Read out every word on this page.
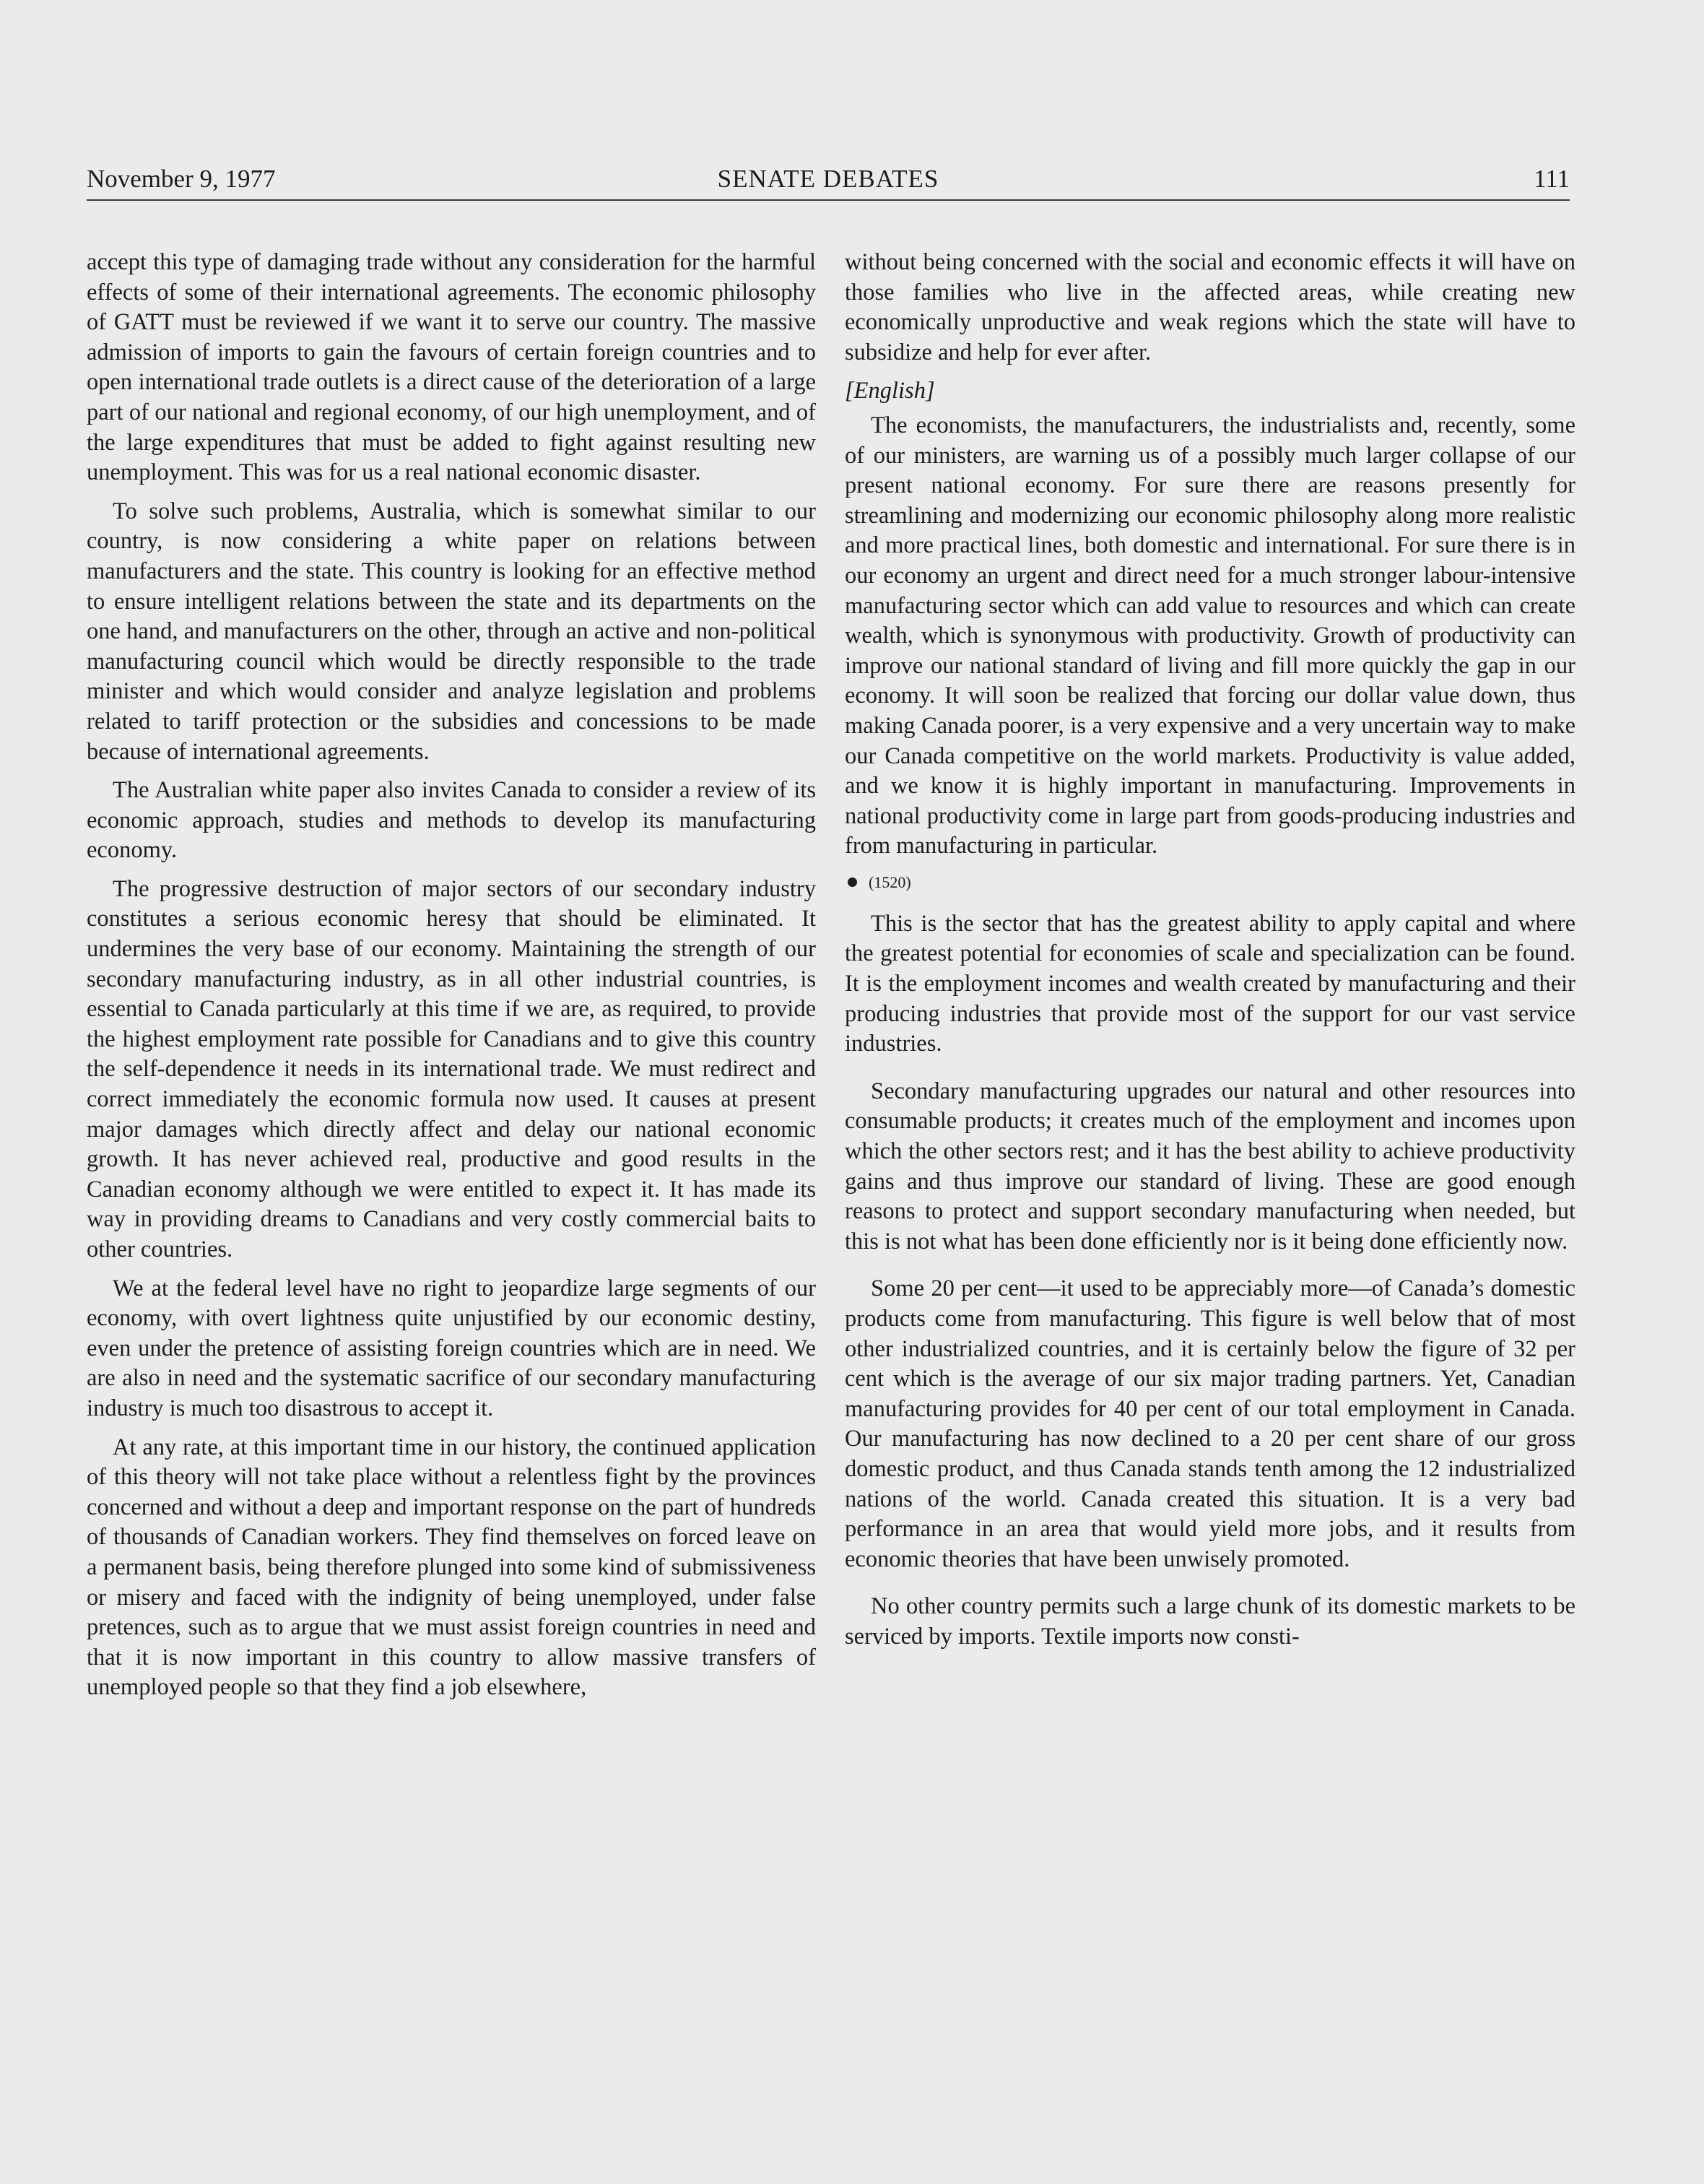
November 9, 1977	SENATE DEBATES	111

accept this type of damaging trade without any consideration for the harmful effects of some of their international agreements. The economic philosophy of GATT must be reviewed if we want it to serve our country. The massive admission of imports to gain the favours of certain foreign countries and to open international trade outlets is a direct cause of the deterioration of a large part of our national and regional economy, of our high unemployment, and of the large expenditures that must be added to fight against resulting new unemployment. This was for us a real national economic disaster.

To solve such problems, Australia, which is somewhat similar to our country, is now considering a white paper on relations between manufacturers and the state. This country is looking for an effective method to ensure intelligent relations between the state and its departments on the one hand, and manufacturers on the other, through an active and non-political manufacturing council which would be directly responsible to the trade minister and which would consider and analyze legislation and problems related to tariff protection or the subsidies and concessions to be made because of international agreements.

The Australian white paper also invites Canada to consider a review of its economic approach, studies and methods to develop its manufacturing economy.

The progressive destruction of major sectors of our secondary industry constitutes a serious economic heresy that should be eliminated. It undermines the very base of our economy. Maintaining the strength of our secondary manufacturing industry, as in all other industrial countries, is essential to Canada particularly at this time if we are, as required, to provide the highest employment rate possible for Canadians and to give this country the self-dependence it needs in its international trade. We must redirect and correct immediately the economic formula now used. It causes at present major damages which directly affect and delay our national economic growth. It has never achieved real, productive and good results in the Canadian economy although we were entitled to expect it. It has made its way in providing dreams to Canadians and very costly commercial baits to other countries.

We at the federal level have no right to jeopardize large segments of our economy, with overt lightness quite unjustified by our economic destiny, even under the pretence of assisting foreign countries which are in need. We are also in need and the systematic sacrifice of our secondary manufacturing industry is much too disastrous to accept it.

At any rate, at this important time in our history, the continued application of this theory will not take place without a relentless fight by the provinces concerned and without a deep and important response on the part of hundreds of thousands of Canadian workers. They find themselves on forced leave on a permanent basis, being therefore plunged into some kind of submissiveness or misery and faced with the indignity of being unemployed, under false pretences, such as to argue that we must assist foreign countries in need and that it is now important in this country to allow massive transfers of unemployed people so that they find a job elsewhere,

without being concerned with the social and economic effects it will have on those families who live in the affected areas, while creating new economically unproductive and weak regions which the state will have to subsidize and help for ever after.

[English]

The economists, the manufacturers, the industrialists and, recently, some of our ministers, are warning us of a possibly much larger collapse of our present national economy. For sure there are reasons presently for streamlining and modernizing our economic philosophy along more realistic and more practical lines, both domestic and international. For sure there is in our economy an urgent and direct need for a much stronger labour-intensive manufacturing sector which can add value to resources and which can create wealth, which is synonymous with productivity. Growth of productivity can improve our national standard of living and fill more quickly the gap in our economy. It will soon be realized that forcing our dollar value down, thus making Canada poorer, is a very expensive and a very uncertain way to make our Canada competitive on the world markets. Productivity is value added, and we know it is highly important in manufacturing. Improvements in national productivity come in large part from goods-producing industries and from manufacturing in particular.

(1520)

This is the sector that has the greatest ability to apply capital and where the greatest potential for economies of scale and specialization can be found. It is the employment incomes and wealth created by manufacturing and their producing industries that provide most of the support for our vast service industries.

Secondary manufacturing upgrades our natural and other resources into consumable products; it creates much of the employment and incomes upon which the other sectors rest; and it has the best ability to achieve productivity gains and thus improve our standard of living. These are good enough reasons to protect and support secondary manufacturing when needed, but this is not what has been done efficiently nor is it being done efficiently now.

Some 20 per cent—it used to be appreciably more—of Canada’s domestic products come from manufacturing. This figure is well below that of most other industrialized countries, and it is certainly below the figure of 32 per cent which is the average of our six major trading partners. Yet, Canadian manufacturing provides for 40 per cent of our total employment in Canada. Our manufacturing has now declined to a 20 per cent share of our gross domestic product, and thus Canada stands tenth among the 12 industrialized nations of the world. Canada created this situation. It is a very bad performance in an area that would yield more jobs, and it results from economic theories that have been unwisely promoted.

No other country permits such a large chunk of its domestic markets to be serviced by imports. Textile imports now consti-
